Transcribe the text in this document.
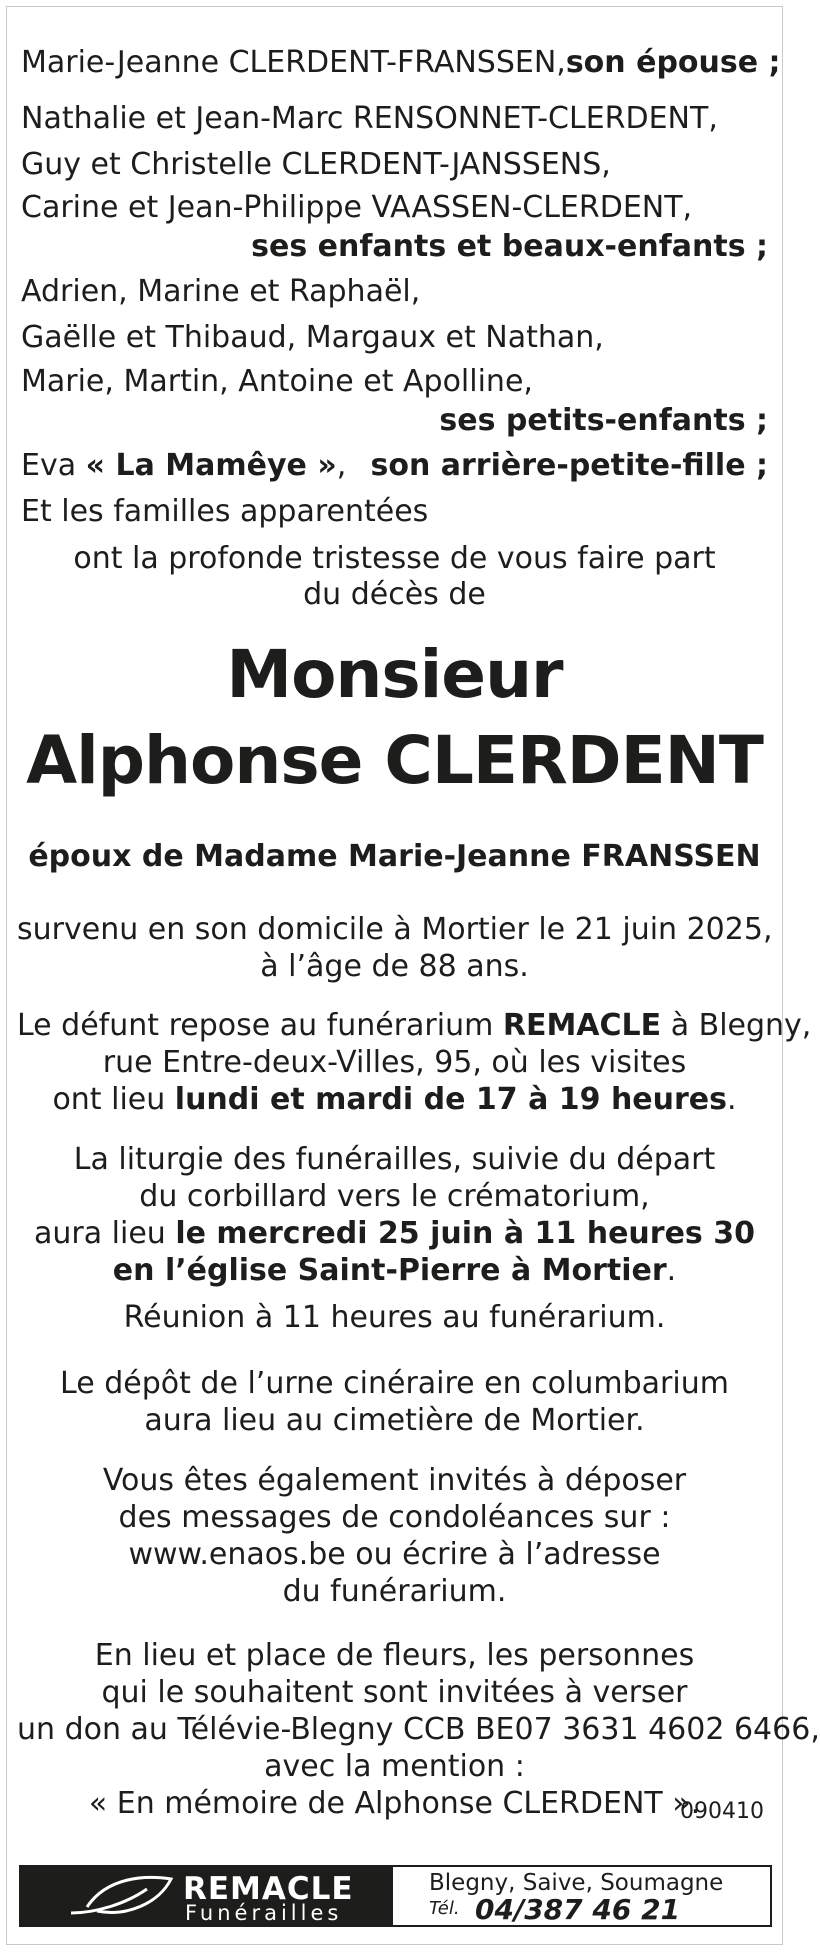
Marie-Jeanne CLERDENT-FRANSSEN, son épouse ;
Nathalie et Jean-Marc RENSONNET-CLERDENT,
Guy et Christelle CLERDENT-JANSSENS,
Carine et Jean-Philippe VAASSEN-CLERDENT,
ses enfants et beaux-enfants ;
Adrien, Marine et Raphaël,
Gaëlle et Thibaud, Margaux et Nathan,
Marie, Martin, Antoine et Apolline,
ses petits-enfants ;
Eva « La Mamêye », son arrière-petite-fille ;
Et les familles apparentées
ont la profonde tristesse de vous faire part
du décès de
Monsieur
Alphonse CLERDENT
époux de Madame Marie-Jeanne FRANSSEN
survenu en son domicile à Mortier le 21 juin 2025,
à l’âge de 88 ans.
Le défunt repose au funérarium REMACLE à Blegny,
rue Entre-deux-Villes, 95, où les visites
ont lieu lundi et mardi de 17 à 19 heures.
La liturgie des funérailles, suivie du départ
du corbillard vers le crématorium,
aura lieu le mercredi 25 juin à 11 heures 30
en l’église Saint-Pierre à Mortier.
Réunion à 11 heures au funérarium.
Le dépôt de l’urne cinéraire en columbarium
aura lieu au cimetière de Mortier.
Vous êtes également invités à déposer
des messages de condoléances sur :
www.enaos.be ou écrire à l’adresse
du funérarium.
En lieu et place de fleurs, les personnes
qui le souhaitent sont invitées à verser
un don au Télévie-Blegny CCB BE07 3631 4602 6466,
avec la mention :
« En mémoire de Alphonse CLERDENT ».
090410
REMACLE
Funérailles
Blegny, Saive, Soumagne
Tél. 04/387 46 21
